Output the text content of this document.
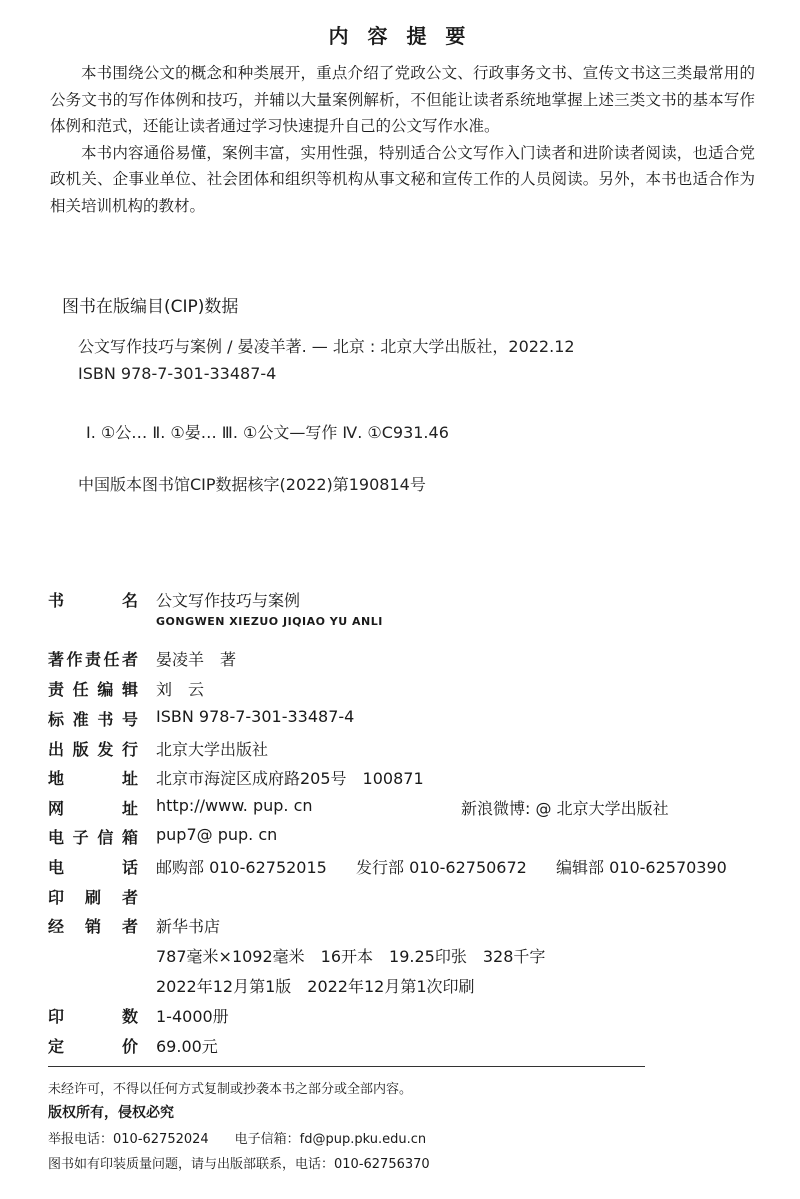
内 容 提 要

本书围绕公文的概念和种类展开，重点介绍了党政公文、行政事务文书、宣传文书这三类最常用的公务文书的写作体例和技巧，并辅以大量案例解析，不但能让读者系统地掌握上述三类文书的基本写作体例和范式，还能让读者通过学习快速提升自己的公文写作水准。

本书内容通俗易懂，案例丰富，实用性强，特别适合公文写作入门读者和进阶读者阅读，也适合党政机关、企事业单位、社会团体和组织等机构从事文秘和宣传工作的人员阅读。另外，本书也适合作为相关培训机构的教材。

图书在版编目(CIP)数据
公文写作技巧与案例 / 晏凌羊著. — 北京 : 北京大学出版社，2022.12
ISBN 978-7-301-33487-4
Ⅰ. ①公… Ⅱ. ①晏… Ⅲ. ①公文—写作 Ⅳ. ①C931.46
中国版本图书馆CIP数据核字(2022)第190814号
书	名 公文写作技巧与案例
GONGWEN XIEZUO JIQIAO YU ANLI
著 作 责 任 者 晏凌羊　著
责 任 编 辑 刘　云
标 准 书 号 ISBN 978-7-301-33487-4
出 版 发 行 北京大学出版社
地	址 北京市海淀区成府路205号　100871
网	址 http://www. pup. cn	新浪微博: @ 北京大学出版社
电 子 信 箱 pup7@ pup. cn
电	话 邮购部 010-62752015 发行部 010-62750672 编辑部 010-62570390
印 刷 者
经 销 者 新华书店
787毫米×1092毫米　16开本　19.25印张　328千字
2022年12月第1版　2022年12月第1次印刷
印	数 1-4000册
定	价 69.00元
未经许可，不得以任何方式复制或抄袭本书之部分或全部内容。
版权所有，侵权必究
举报电话：010-62752024　　电子信箱：fd@pup.pku.edu.cn
图书如有印装质量问题，请与出版部联系，电话：010-62756370
